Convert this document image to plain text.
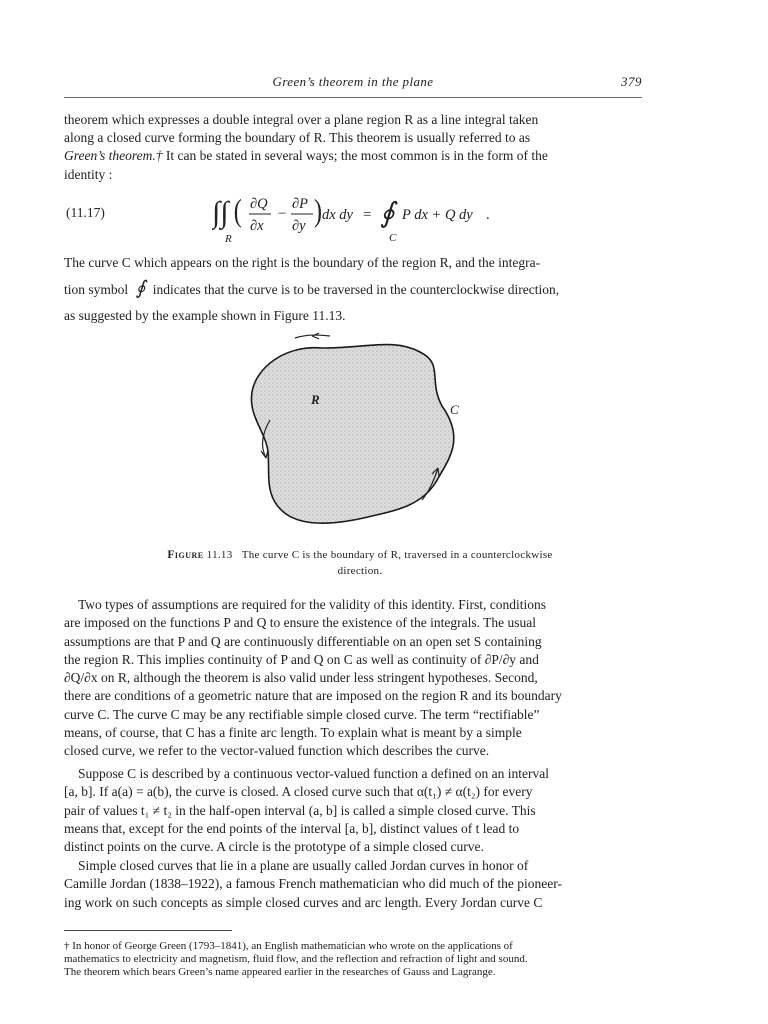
Green’s theorem in the plane	379
theorem which expresses a double integral over a plane region R as a line integral taken
along a closed curve forming the boundary of R. This theorem is usually referred to as
Green’s theorem.† It can be stated in several ways; the most common is in the form of the
identity :
(11.17)	∫∫
R
( ∂Q
∂x
−
∂P
∂y ) dx dy = ∮
C
P dx + Q dy .
The curve C which appears on the right is the boundary of the region R, and the integra-
tion symbol ∮ indicates that the curve is to be traversed in the counterclockwise direction,
as suggested by the example shown in Figure 11.13.
R
C
Figure 11.13 The curve C is the boundary of R, traversed in a counterclockwise
direction.
Two types of assumptions are required for the validity of this identity. First, conditions
are imposed on the functions P and Q to ensure the existence of the integrals. The usual
assumptions are that P and Q are continuously differentiable on an open set S containing
the region R. This implies continuity of P and Q on C as well as continuity of ∂P/∂y and
∂Q/∂x on R, although the theorem is also valid under less stringent hypotheses. Second,
there are conditions of a geometric nature that are imposed on the region R and its boundary
curve C. The curve C may be any rectifiable simple closed curve. The term “rectifiable”
means, of course, that C has a finite arc length. To explain what is meant by a simple
closed curve, we refer to the vector-valued function which describes the curve.
Suppose C is described by a continuous vector-valued function a defined on an interval
[a, b]. If a(a) = a(b), the curve is closed. A closed curve such that α(t₁) ≠ α(t₂) for every
pair of values t₁ ≠ t₂ in the half-open interval (a, b] is called a simple closed curve. This
means that, except for the end points of the interval [a, b], distinct values of t lead to
distinct points on the curve. A circle is the prototype of a simple closed curve.
Simple closed curves that lie in a plane are usually called Jordan curves in honor of
Camille Jordan (1838–1922), a famous French mathematician who did much of the pioneer-
ing work on such concepts as simple closed curves and arc length. Every Jordan curve C
† In honor of George Green (1793–1841), an English mathematician who wrote on the applications of
mathematics to electricity and magnetism, fluid flow, and the reflection and refraction of light and sound.
The theorem which bears Green’s name appeared earlier in the researches of Gauss and Lagrange.
